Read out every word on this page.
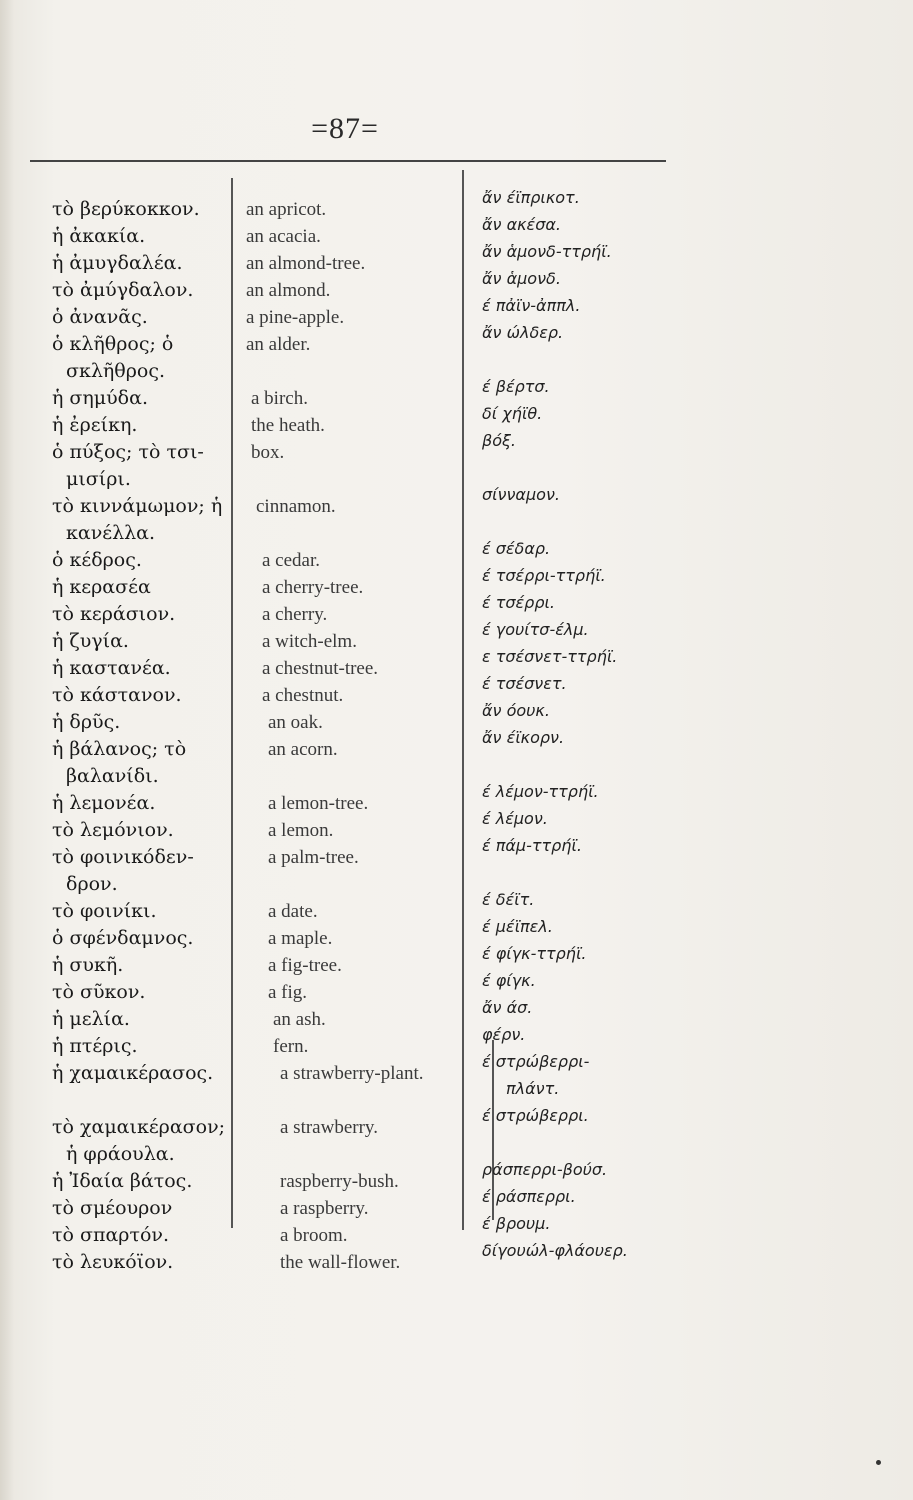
=87=
τὸ βερύκοκκον.
ἡ ἀκακία.
ἡ ἀμυγδαλέα.
τὸ ἀμύγδαλον.
ὁ ἀνανᾶς.
ὁ κλῆθρος; ὁ
σκλῆθρος.
ἡ σημύδα.
ἡ ἐρείκη.
ὁ πύξος; τὸ τσι-
μισίρι.
τὸ κιννάμωμον; ἡ
κανέλλα.
ὁ κέδρος.
ἡ κερασέα
τὸ κεράσιον.
ἡ ζυγία.
ἡ καστανέα.
τὸ κάστανον.
ἡ δρῦς.
ἡ βάλανος; τὸ
βαλανίδι.
ἡ λεμονέα.
τὸ λεμόνιον.
τὸ φοινικόδεν-
δρον.
τὸ φοινίκι.
ὁ σφένδαμνος.
ἡ συκῆ.
τὸ σῦκον.
ἡ μελία.
ἡ πτέρις.
ἡ χαμαικέρασος.
τὸ χαμαικέρασον;
ἡ φράουλα.
ἡ Ἰδαία βάτος.
τὸ σμέουρον
τὸ σπαρτόν.
τὸ λευκόϊον.
an apricot.
an acacia.
an almond-tree.
an almond.
a pine-apple.
an alder.
a birch.
the heath.
box.
cinnamon.
a cedar.
a cherry-tree.
a cherry.
a witch-elm.
a chestnut-tree.
a chestnut.
an oak.
an acorn.
a lemon-tree.
a lemon.
a palm-tree.
a date.
a maple.
a fig-tree.
a fig.
an ash.
fern.
a strawberry-plant.
a strawberry.
raspberry-bush.
a raspberry.
a broom.
the wall-flower.
ἄν έϊπρικοτ.
ἄν ακέσα.
ἄν ἁμονδ-ττρήϊ.
ἄν ἁμονδ.
έ πἀϊν-ἀππλ.
ἄν ώλδερ.
έ βέρτσ.
δί χήϊθ.
βόξ.
σίνναμον.
έ σέδαρ.
έ τσέρρι-ττρήϊ.
έ τσέρρι.
έ γουίτσ-έλμ.
ε τσέσνετ-ττρήϊ.
έ τσέσνετ.
ἄν όουκ.
ἄν έϊκορν.
έ λέμον-ττρήϊ.
έ λέμον.
έ πάμ-ττρήϊ.
έ δέϊτ.
έ μέϊπελ.
έ φίγκ-ττρήϊ.
έ φίγκ.
ἄν άσ.
φέρν.
έ στρώβερρι-
πλάντ.
έ στρώβερρι.
ράσπερρι-βούσ.
έ ράσπερρι.
έ βρουμ.
δίγουώλ-φλάουερ.
